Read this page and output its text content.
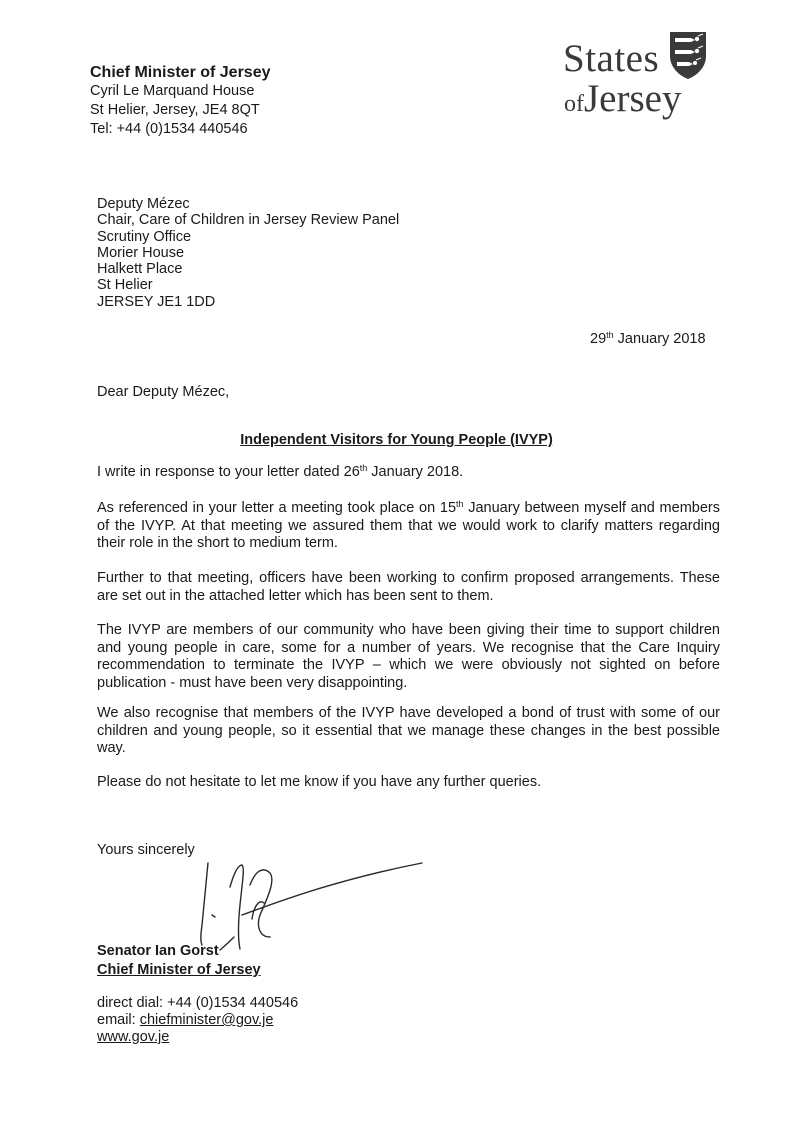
Chief Minister of Jersey
Cyril Le Marquand House
St Helier, Jersey, JE4 8QT
Tel: +44 (0)1534 440546
States
ofJersey
Deputy Mézec
Chair, Care of Children in Jersey Review Panel
Scrutiny Office
Morier House
Halkett Place
St Helier
JERSEY JE1 1DD
29th January 2018
Dear Deputy Mézec,
Independent Visitors for Young People (IVYP)
I write in response to your letter dated 26th January 2018.
As referenced in your letter a meeting took place on 15th January between myself and members of the IVYP. At that meeting we assured them that we would work to clarify matters regarding their role in the short to medium term.
Further to that meeting, officers have been working to confirm proposed arrangements. These are set out in the attached letter which has been sent to them.
The IVYP are members of our community who have been giving their time to support children and young people in care, some for a number of years. We recognise that the Care Inquiry recommendation to terminate the IVYP – which we were obviously not sighted on before publication - must have been very disappointing.
We also recognise that members of the IVYP have developed a bond of trust with some of our children and young people, so it essential that we manage these changes in the best possible way.
Please do not hesitate to let me know if you have any further queries.
Yours sincerely
Senator Ian Gorst
Chief Minister of Jersey
direct dial: +44 (0)1534 440546
email: chiefminister@gov.je
www.gov.je
